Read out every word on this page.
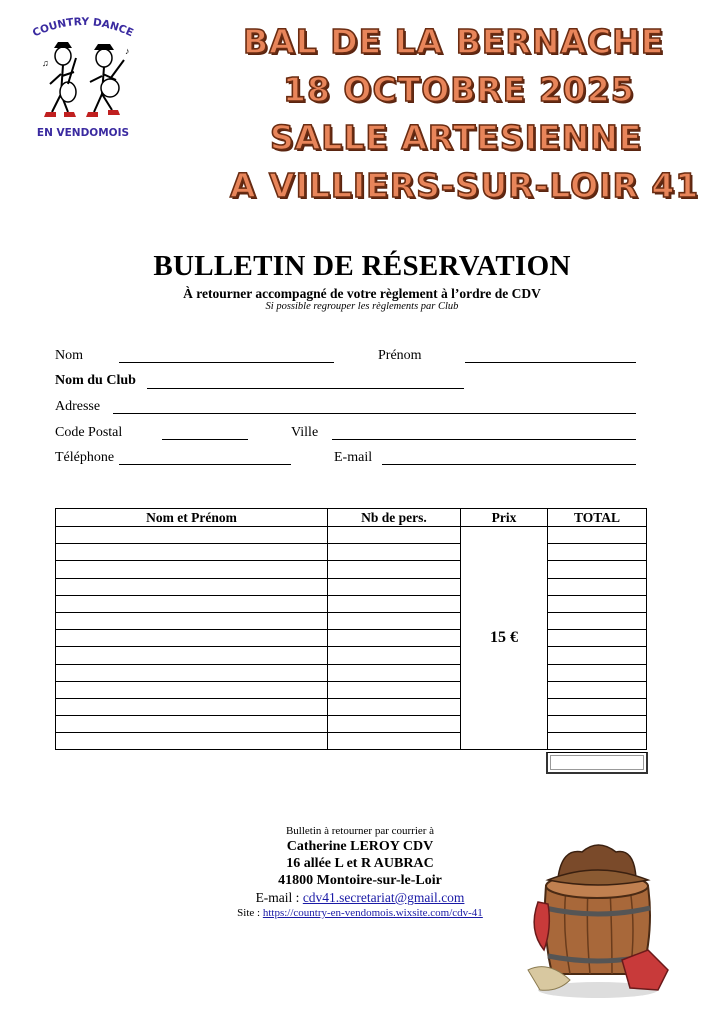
COUNTRY DANCE
♪
♫
EN VENDOMOIS
BAL DE LA BERNACHE
18 OCTOBRE 2025
SALLE ARTESIENNE
A VILLIERS-SUR-LOIR 41
BULLETIN DE RÉSERVATION
À retourner accompagné de votre règlement à l’ordre de CDV
Si possible regrouper les règlements par Club
Nom	Prénom
Nom du Club
Adresse
Code Postal	Ville
Téléphone	E-mail
Nom et Prénom	Nb de pers.	Prix	TOTAL
		15 €	

Bulletin à retourner par courrier à
Catherine LEROY CDV
16 allée L et R AUBRAC
41800 Montoire-sur-le-Loir
E-mail : cdv41.secretariat@gmail.com
Site : https://country-en-vendomois.wixsite.com/cdv-41
